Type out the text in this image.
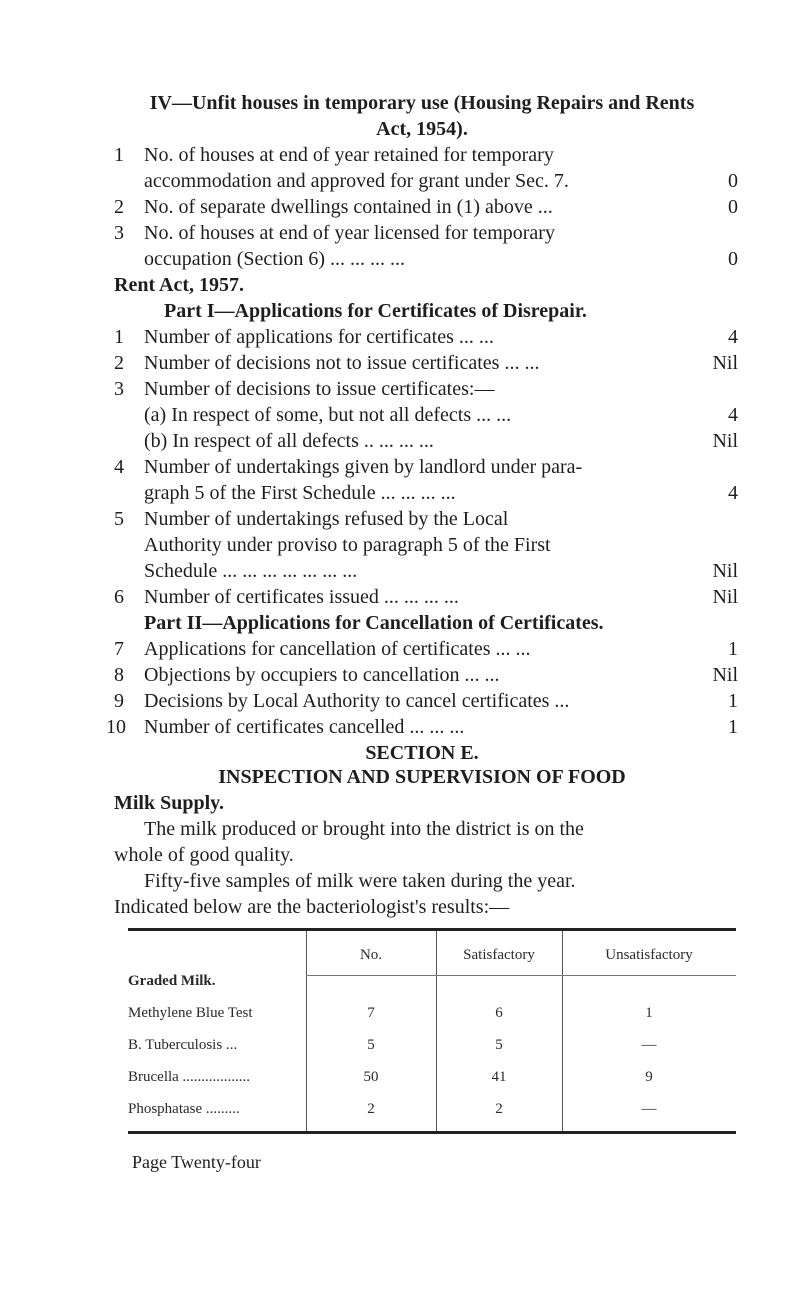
IV—Unfit houses in temporary use (Housing Repairs and Rents
Act, 1954).
1	No. of houses at end of year retained for temporary
accommodation and approved for grant under Sec. 7.	0
2	No. of separate dwellings contained in (1) above ...	0
3	No. of houses at end of year licensed for temporary
occupation (Section 6) ... ... ... ...	0
Rent Act, 1957.
Part I—Applications for Certificates of Disrepair.
1	Number of applications for certificates ... ...	4
2	Number of decisions not to issue certificates ... ...	Nil
3	Number of decisions to issue certificates:—
(a) In respect of some, but not all defects ... ...	4
(b) In respect of all defects .. ... ... ...	Nil
4	Number of undertakings given by landlord under para-
graph 5 of the First Schedule ... ... ... ...	4
5	Number of undertakings refused by the Local
Authority under proviso to paragraph 5 of the First
Schedule ... ... ... ... ... ... ...	Nil
6	Number of certificates issued ... ... ... ...	Nil
Part II—Applications for Cancellation of Certificates.
7	Applications for cancellation of certificates ... ...	1
8	Objections by occupiers to cancellation ... ...	Nil
9	Decisions by Local Authority to cancel certificates ...	1
10 Number of certificates cancelled ... ... ...	1
SECTION E.
INSPECTION AND SUPERVISION OF FOOD
Milk Supply.
No.	Satisfactory	Unsatisfactory
Graded Milk.
Methylene Blue Test	7	6	1
B. Tuberculosis ...	5	5	—
Brucella ..................	50	41	9
Phosphatase .........	2	2	—
The milk produced or brought into the district is on the
whole of good quality.
Fifty-five samples of milk were taken during the year.
Page Twenty-four
Indicated below are the bacteriologist's results:—
